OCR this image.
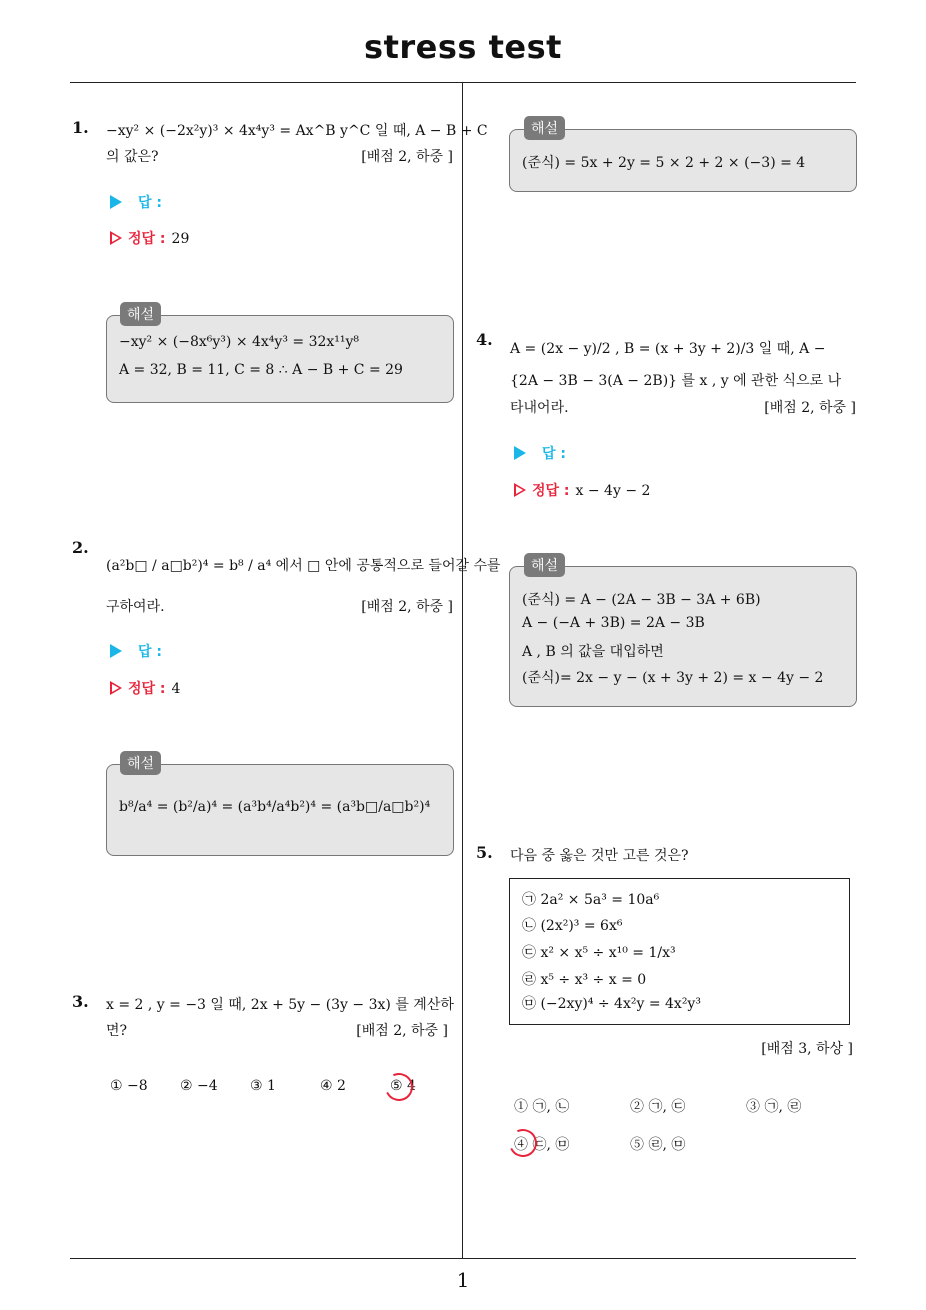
stress test
1
1. −xy² × (−2x²y)³ × 4x⁴y³ = Ax^B y^C 일 때, A − B + C
의 값은?	[배점 2, 하중 ]
답 :
정답 : 29
−xy² × (−8x⁶y³) × 4x⁴y³ = 32x¹¹y⁸
A = 32, B = 11, C = 8 ∴ A − B + C = 29
해설
2.
(a²b□ / a□b²)⁴ = b⁸ / a⁴ 에서 □ 안에 공통적으로 들어갈 수를
구하여라.	[배점 2, 하중 ]
답 :
정답 : 4
b⁸/a⁴ = (b²/a)⁴ = (a³b⁴/a⁴b²)⁴ = (a³b□/a□b²)⁴
해설
3. x = 2 , y = −3 일 때, 2x + 5y − (3y − 3x) 를 계산하
면?	[배점 2, 하중 ]
① −8 ② −4 ③ 1	④ 2	⑤ 4
(준식) = 5x + 2y = 5 × 2 + 2 × (−3) = 4
해설
4. A = (2x − y)/2 , B = (x + 3y + 2)/3 일 때, A −
{2A − 3B − 3(A − 2B)} 를 x , y 에 관한 식으로 나
타내어라.	[배점 2, 하중 ]
답 :
정답 : x − 4y − 2
(준식) = A − (2A − 3B − 3A + 6B)
A − (−A + 3B) = 2A − 3B
A , B 의 값을 대입하면
(준식)= 2x − y − (x + 3y + 2) = x − 4y − 2
해설
5. 다음 중 옳은 것만 고른 것은?
㉠ 2a² × 5a³ = 10a⁶
㉡ (2x²)³ = 6x⁶
㉢ x² × x⁵ ÷ x¹⁰ = 1/x³
㉣ x⁵ ÷ x³ ÷ x = 0
㉤ (−2xy)⁴ ÷ 4x²y = 4x²y³
[배점 3, 하상 ]
① ㉠, ㉡	② ㉠, ㉢	③ ㉠, ㉣
④ ㉢, ㉤	⑤ ㉣, ㉤
